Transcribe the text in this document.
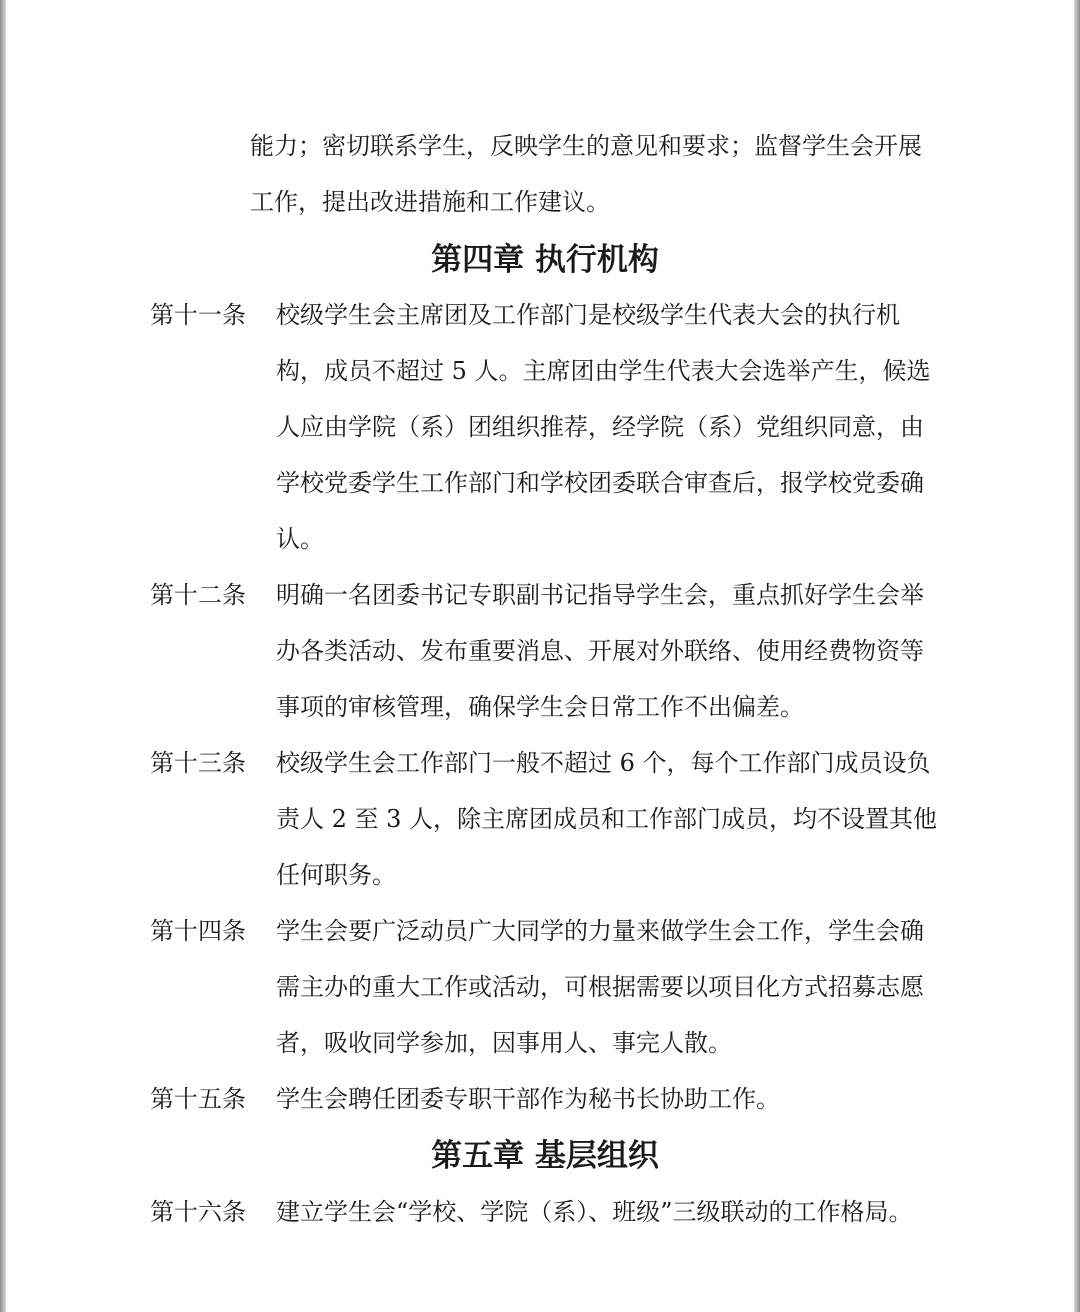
能力；密切联系学生，反映学生的意见和要求；监督学生会开展
工作，提出改进措施和工作建议。
第四章 执行机构
第十一条 校级学生会主席团及工作部门是校级学生代表大会的执行机
构，成员不超过 5 人。主席团由学生代表大会选举产生，候选
人应由学院（系）团组织推荐，经学院（系）党组织同意，由
学校党委学生工作部门和学校团委联合审查后，报学校党委确
认。
第十二条 明确一名团委书记专职副书记指导学生会，重点抓好学生会举
办各类活动、发布重要消息、开展对外联络、使用经费物资等
事项的审核管理，确保学生会日常工作不出偏差。
第十三条 校级学生会工作部门一般不超过 6 个，每个工作部门成员设负
责人 2 至 3 人，除主席团成员和工作部门成员，均不设置其他
任何职务。
第十四条 学生会要广泛动员广大同学的力量来做学生会工作，学生会确
需主办的重大工作或活动，可根据需要以项目化方式招募志愿
者，吸收同学参加，因事用人、事完人散。
第十五条 学生会聘任团委专职干部作为秘书长协助工作。
第五章 基层组织
第十六条 建立学生会“学校、学院（系）、班级”三级联动的工作格局。
